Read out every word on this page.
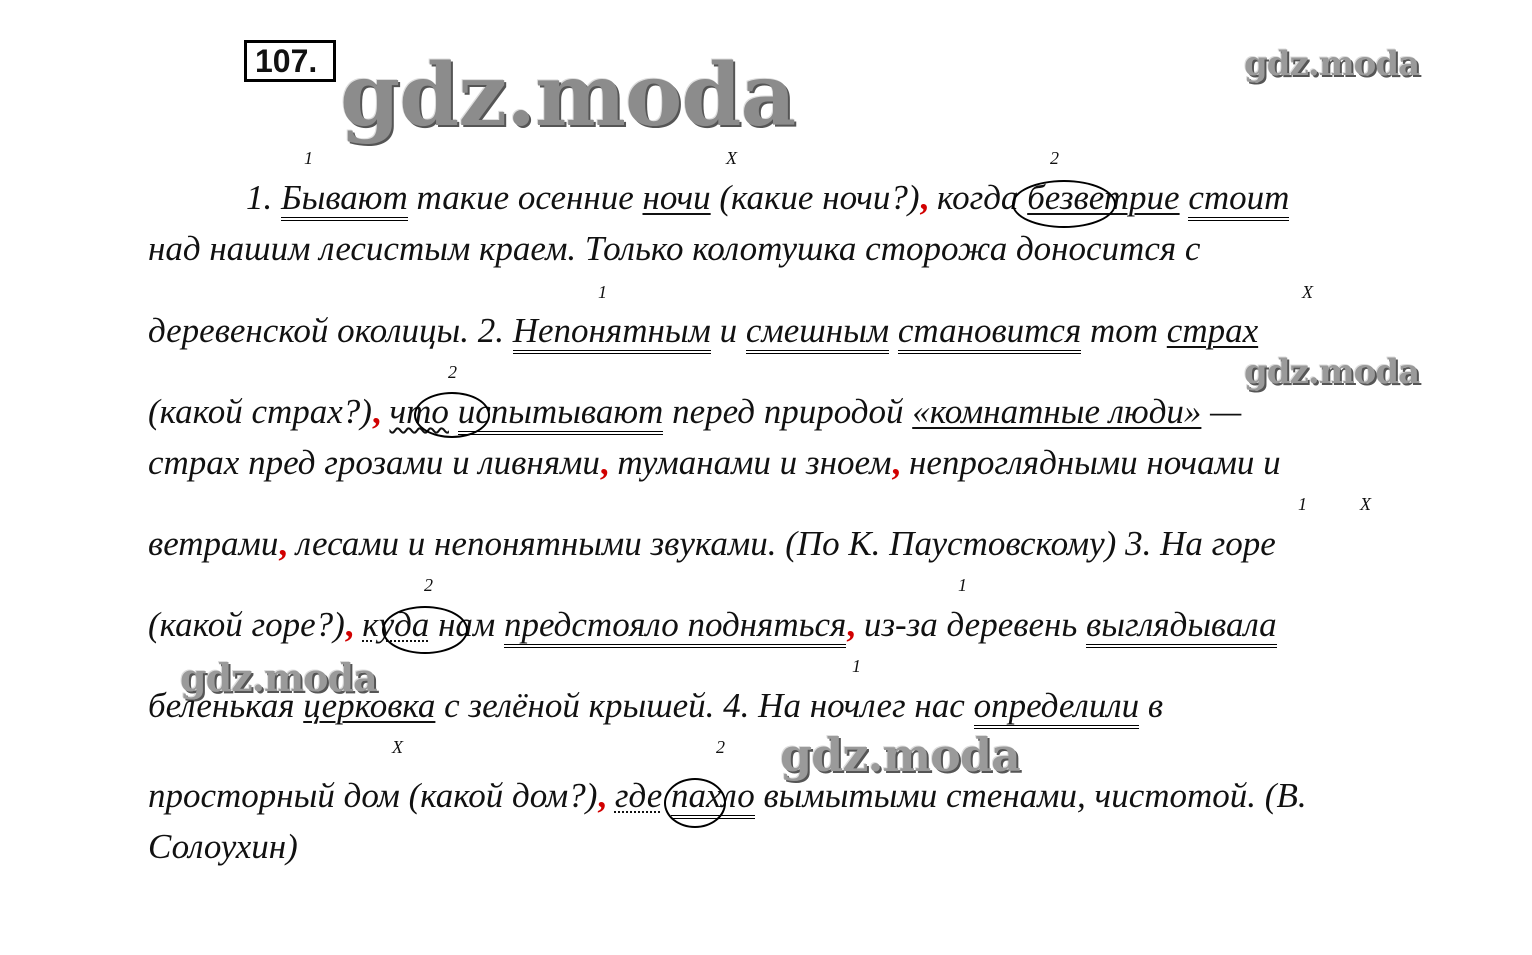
107. gdz.moda	gdz.moda
gdz.moda
gdz.moda
gdz.moda
1	X	2
1	X
2
1	X
2	1
1
X	2
1. Бывают такие осенние ночи (какие ночи?), когда безветрие стоит
над нашим лесистым краем. Только колотушка сторожа доносится с
деревенской околицы. 2. Непонятным и смешным становится тот страх
(какой страх?), что испытывают перед природой «комнатные люди» —
страх пред грозами и ливнями, туманами и зноем, непроглядными ночами и
ветрами, лесами и непонятными звуками. (По К. Паустовскому) 3. На горе
(какой горе?), куда нам предстояло подняться, из-за деревень выглядывала
беленькая церковка с зелёной крышей. 4. На ночлег нас определили в
просторный дом (какой дом?), где пахло вымытыми стенами, чистотой. (В.
Солоухин)
